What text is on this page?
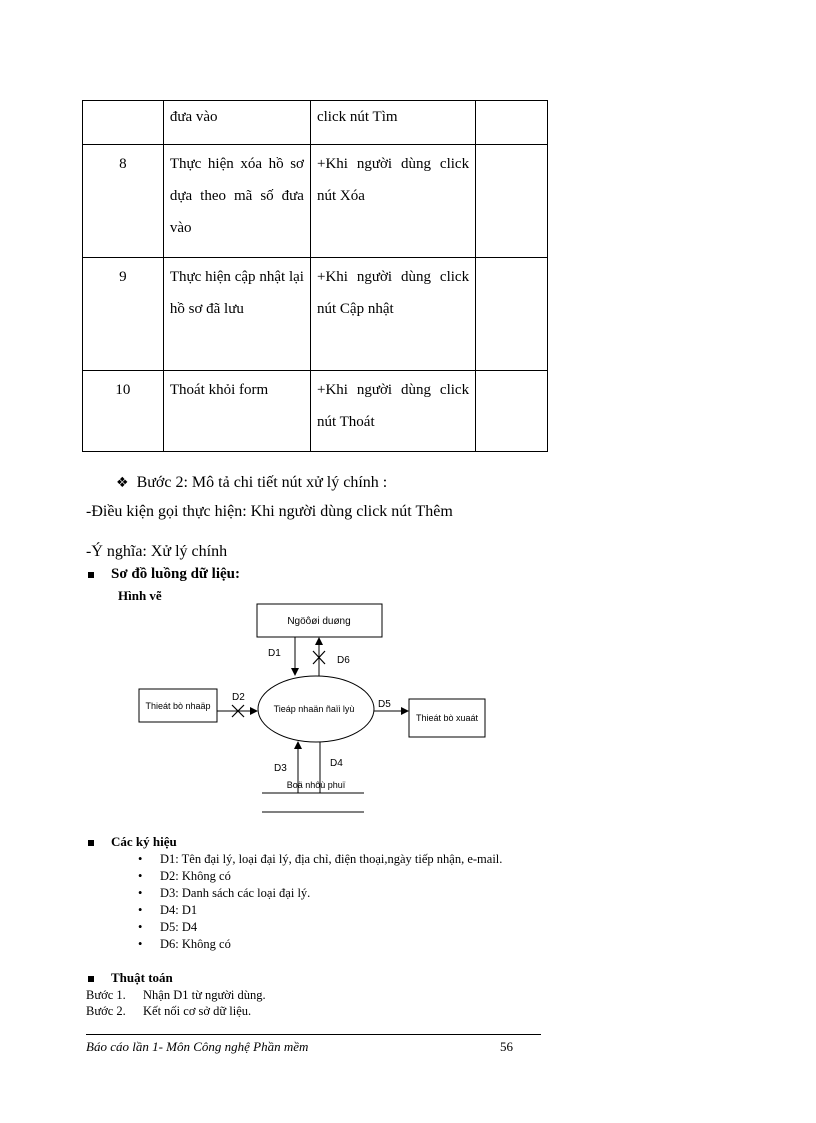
	đưa vào	click nút Tìm	
8	Thực hiện xóa hồ sơ dựa theo mã số đưa vào	+Khi người dùng click nút Xóa	
9	Thực hiện cập nhật lại hồ sơ đã lưu	+Khi người dùng click nút Cập nhật	
10	Thoát khỏi form	+Khi người dùng click nút Thoát	
❖ Bước 2: Mô tả chi tiết nút xử lý chính :
-Điều kiện gọi thực hiện: Khi người dùng click nút Thêm
-Ý nghĩa: Xử lý chính
Sơ đồ luồng dữ liệu:
Hình vẽ
Ngöôøi duøng
Thieát bò nhaäp
Thieát bò xuaát
Tieáp nhaän ñaïi lyù
Boä nhôù phuï
D1
D6
D2
D5
D3	D4
Các ký hiệu
• D1: Tên đại lý, loại đại lý, địa chỉ, điện thoại,ngày tiếp nhận, e-mail.
• D2: Không có
• D3: Danh sách các loại đại lý.
• D4: D1
• D5: D4
• D6: Không có
Thuật toán
Bước 1. Nhận D1 từ người dùng.
Bước 2. Kết nối cơ sở dữ liệu.
Báo cáo lần 1- Môn Công nghệ Phần mềm	56
